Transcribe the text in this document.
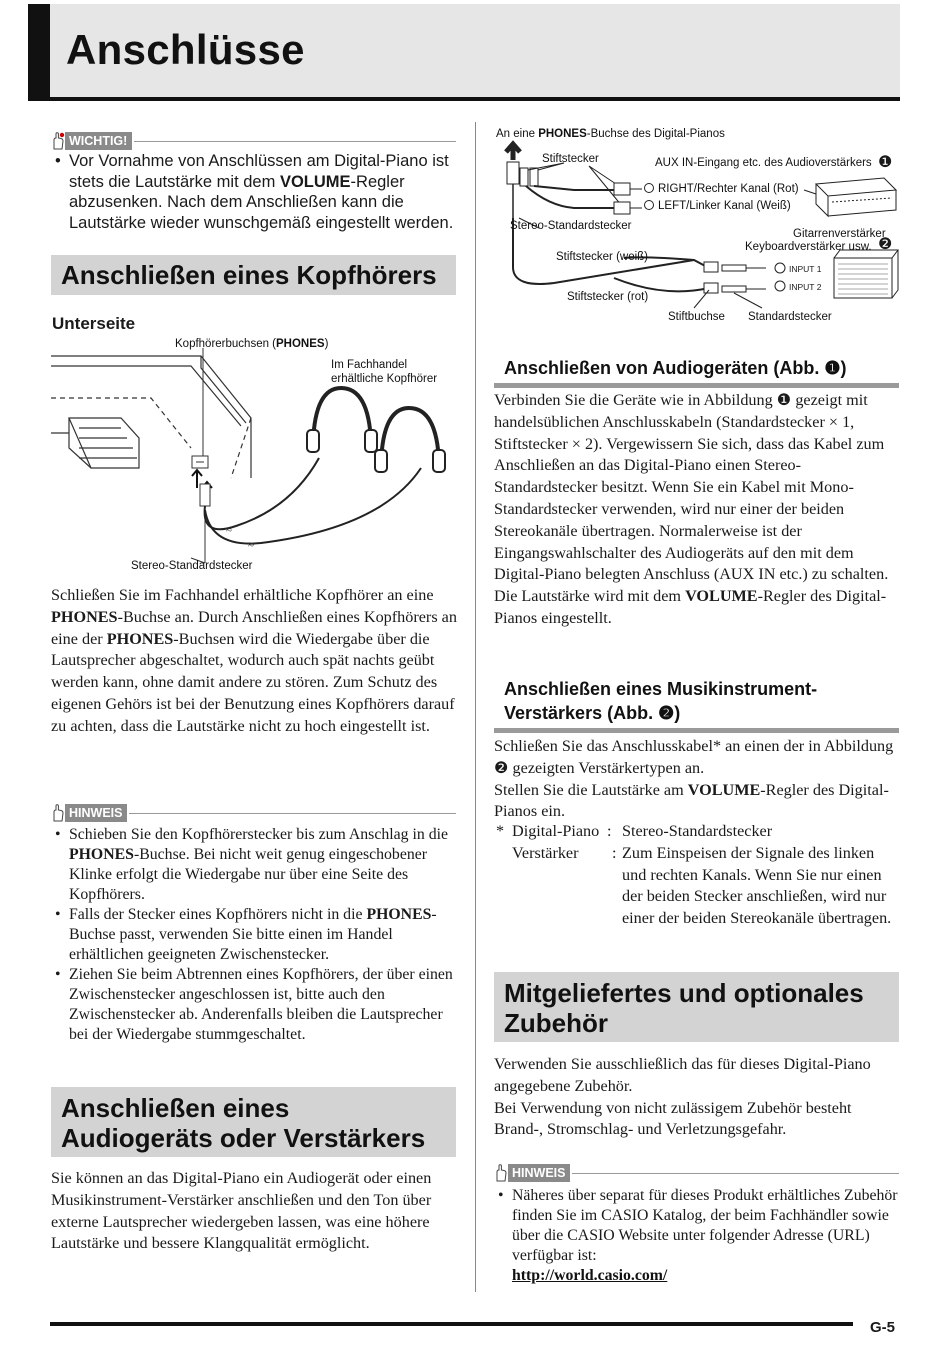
Anschlüsse
WICHTIG!
• Vor Vornahme von Anschlüssen am Digital-Piano ist stets die Lautstärke mit dem VOLUME-Regler abzusenken. Nach dem Anschließen kann die Lautstärke wieder wunschgemäß eingestellt werden.
Anschließen eines Kopfhörers
Unterseite
≈
≈
Kopfhörerbuchsen (PHONES)
Im Fachhandel
erhältliche Kopfhörer
Stereo-Standardstecker
Schließen Sie im Fachhandel erhältliche Kopfhörer an eine PHONES-Buchse an. Durch Anschließen eines Kopfhörers an eine der PHONES-Buchsen wird die Wiedergabe über die Lautsprecher abgeschaltet, wodurch auch spät nachts geübt werden kann, ohne damit andere zu stören. Zum Schutz des eigenen Gehörs ist bei der Benutzung eines Kopfhörers darauf zu achten, dass die Lautstärke nicht zu hoch eingestellt ist.
HINWEIS
• Schieben Sie den Kopfhörerstecker bis zum Anschlag in die PHONES-Buchse. Bei nicht weit genug eingeschobener Klinke erfolgt die Wiedergabe nur über eine Seite des Kopfhörers.
• Falls der Stecker eines Kopfhörers nicht in die PHONES-Buchse passt, verwenden Sie bitte einen im Handel erhältlichen geeigneten Zwischenstecker.
• Ziehen Sie beim Abtrennen eines Kopfhörers, der über einen Zwischenstecker angeschlossen ist, bitte auch den Zwischenstecker ab. Anderenfalls bleiben die Lautsprecher bei der Wiedergabe stummgeschaltet.
Anschließen eines
Audiogeräts oder Verstärkers
Sie können an das Digital-Piano ein Audiogerät oder einen Musikinstrument-Verstärker anschließen und den Ton über externe Lautsprecher wiedergeben lassen, was eine höhere Lautstärke und bessere Klangqualität ermöglicht.
An eine PHONES-Buchse des Digital-Pianos
Stiftstecker	AUX IN-Eingang etc. des Audioverstärkers ❶
RIGHT/Rechter Kanal (Rot)
LEFT/Linker Kanal (Weiß)
Stereo-Standardstecker
Gitarrenverstärker
Keyboardverstärker usw. ❷
Stiftstecker (weiß)
INPUT 1
INPUT 2
Stiftstecker (rot)
Stiftbuchse Standardstecker
Anschließen von Audiogeräten (Abb. ❶)
Verbinden Sie die Geräte wie in Abbildung ❶ gezeigt mit handelsüblichen Anschlusskabeln (Standardstecker × 1, Stiftstecker × 2). Vergewissern Sie sich, dass das Kabel zum Anschließen an das Digital-Piano einen Stereo-Standardstecker besitzt. Wenn Sie ein Kabel mit Mono-Standardstecker verwenden, wird nur einer der beiden Stereokanäle übertragen. Normalerweise ist der Eingangswahlschalter des Audiogeräts auf den mit dem Digital-Piano belegten Anschluss (AUX IN etc.) zu schalten. Die Lautstärke wird mit dem VOLUME-Regler des Digital-Pianos eingestellt.
Anschließen eines Musikinstrument-
Verstärkers (Abb. ❷)
Schließen Sie das Anschlusskabel* an einen der in Abbildung ❷ gezeigten Verstärkertypen an.
Stellen Sie die Lautstärke am VOLUME-Regler des Digital-Pianos ein.
* Digital-Piano : Stereo-Standardstecker
Verstärker : Zum Einspeisen der Signale des linken und rechten Kanals. Wenn Sie nur einen der beiden Stecker anschließen, wird nur einer der beiden Stereokanäle übertragen.
Mitgeliefertes und optionales
Zubehör
Verwenden Sie ausschließlich das für dieses Digital-Piano angegebene Zubehör.
Bei Verwendung von nicht zulässigem Zubehör besteht Brand-, Stromschlag- und Verletzungsgefahr.
HINWEIS
• Näheres über separat für dieses Produkt erhältliches Zubehör finden Sie im CASIO Katalog, der beim Fachhändler sowie über die CASIO Website unter folgender Adresse (URL) verfügbar ist:
http://world.casio.com/
G-5
